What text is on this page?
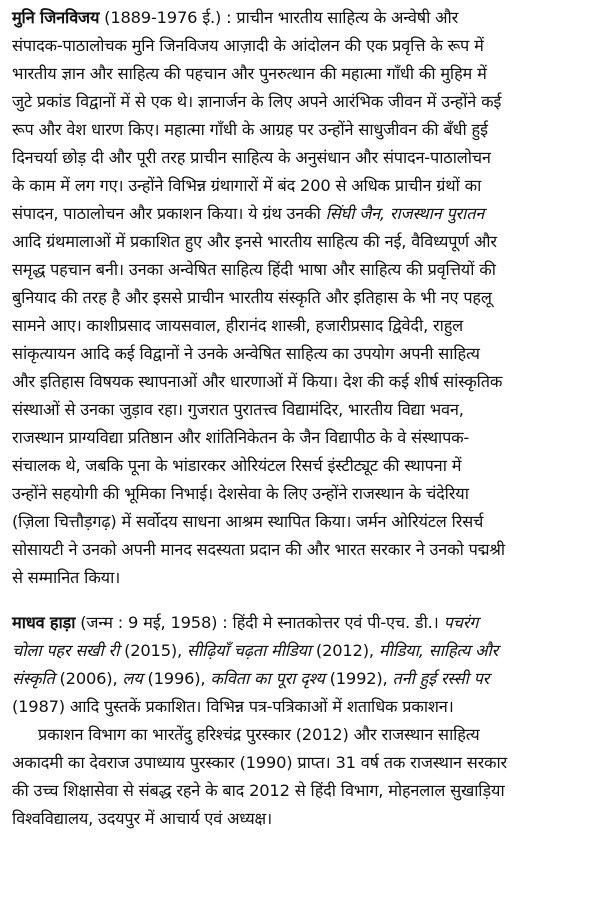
मुनि जिनविजय (1889-1976 ई.) : प्राचीन भारतीय साहित्य के अन्वेषी और
संपादक-पाठालोचक मुनि जिनविजय आज़ादी के आंदोलन की एक प्रवृत्ति के रूप में
भारतीय ज्ञान और साहित्य की पहचान और पुनरुत्थान की महात्मा गाँधी की मुहिम में
जुटे प्रकांड विद्वानों में से एक थे। ज्ञानार्जन के लिए अपने आरंभिक जीवन में उन्होंने कई
रूप और वेश धारण किए। महात्मा गाँधी के आग्रह पर उन्होंने साधुजीवन की बँधी हुई
दिनचर्या छोड़ दी और पूरी तरह प्राचीन साहित्य के अनुसंधान और संपादन-पाठालोचन
के काम में लग गए। उन्होंने विभिन्न ग्रंथागारों में बंद 200 से अधिक प्राचीन ग्रंथों का
संपादन, पाठालोचन और प्रकाशन किया। ये ग्रंथ उनकी सिंघी जैन, राजस्थान पुरातन
आदि ग्रंथमालाओं में प्रकाशित हुए और इनसे भारतीय साहित्य की नई, वैविध्यपूर्ण और
समृद्ध पहचान बनी। उनका अन्वेषित साहित्य हिंदी भाषा और साहित्य की प्रवृत्तियों की
बुनियाद की तरह है और इससे प्राचीन भारतीय संस्कृति और इतिहास के भी नए पहलू
सामने आए। काशीप्रसाद जायसवाल, हीरानंद शास्त्री, हजारीप्रसाद द्विवेदी, राहुल
सांकृत्यायन आदि कई विद्वानों ने उनके अन्वेषित साहित्य का उपयोग अपनी साहित्य
और इतिहास विषयक स्थापनाओं और धारणाओं में किया। देश की कई शीर्ष सांस्कृतिक
संस्थाओं से उनका जुड़ाव रहा। गुजरात पुरातत्त्व विद्यामंदिर, भारतीय विद्या भवन,
राजस्थान प्राग्यविद्या प्रतिष्ठान और शांतिनिकेतन के जैन विद्यापीठ के वे संस्थापक-
संचालक थे, जबकि पूना के भांडारकर ओरियंटल रिसर्च इंस्टीट्यूट की स्थापना में
उन्होंने सहयोगी की भूमिका निभाई। देशसेवा के लिए उन्होंने राजस्थान के चंदेरिया
(ज़िला चित्तौड़गढ़) में सर्वोदय साधना आश्रम स्थापित किया। जर्मन ओरियंटल रिसर्च
सोसायटी ने उनको अपनी मानद सदस्यता प्रदान की और भारत सरकार ने उनको पद्मश्री
से सम्मानित किया।
माधव हाड़ा (जन्म : 9 मई, 1958) : हिंदी मे स्नातकोत्तर एवं पी-एच. डी.। पचरंग
चोला पहर सखी री (2015), सीढ़ियाँ चढ़ता मीडिया (2012), मीडिया, साहित्य और
संस्कृति (2006), लय (1996), कविता का पूरा दृश्य (1992), तनी हुई रस्सी पर
(1987) आदि पुस्तकें प्रकाशित। विभिन्न पत्र-पत्रिकाओं में शताधिक प्रकाशन।
प्रकाशन विभाग का भारतेंदु हरिश्चंद्र पुरस्कार (2012) और राजस्थान साहित्य
अकादमी का देवराज उपाध्याय पुरस्कार (1990) प्राप्त। 31 वर्ष तक राजस्थान सरकार
की उच्च शिक्षासेवा से संबद्ध रहने के बाद 2012 से हिंदी विभाग, मोहनलाल सुखाड़िया
विश्वविद्यालय, उदयपुर में आचार्य एवं अध्यक्ष।
